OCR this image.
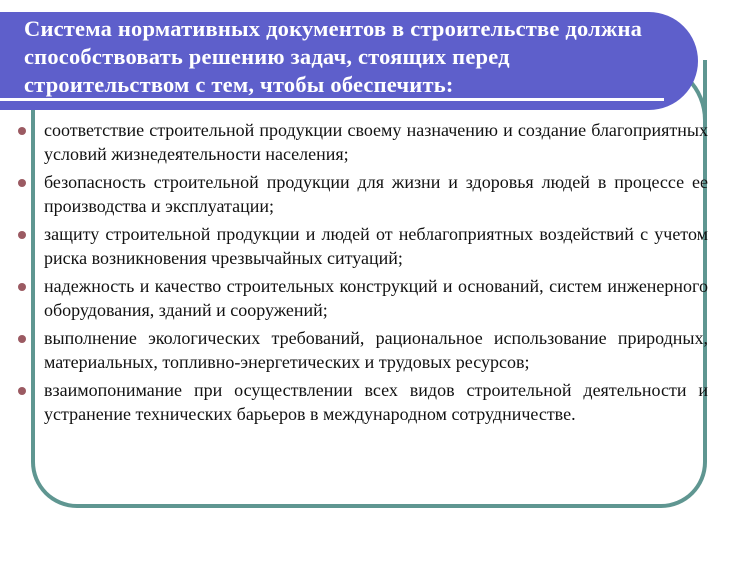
Система нормативных документов в строительстве должна способствовать решению задач, стоящих перед строительством с тем, чтобы обеспечить:
соответствие строительной продукции своему назначению и создание благоприятных условий жизнедеятельности населения;
безопасность строительной продукции для жизни и здоровья людей в процессе ее производства и эксплуатации;
защиту строительной продукции и людей от неблагоприятных воздействий с учетом риска возникновения чрезвычайных ситуаций;
надежность и качество строительных конструкций и оснований, систем инженерного оборудования, зданий и сооружений;
выполнение экологических требований, рациональное использование природных, материальных, топливно-энергетических и трудовых ресурсов;
взаимопонимание при осуществлении всех видов строительной деятельности и устранение технических барьеров в международном сотрудничестве.
